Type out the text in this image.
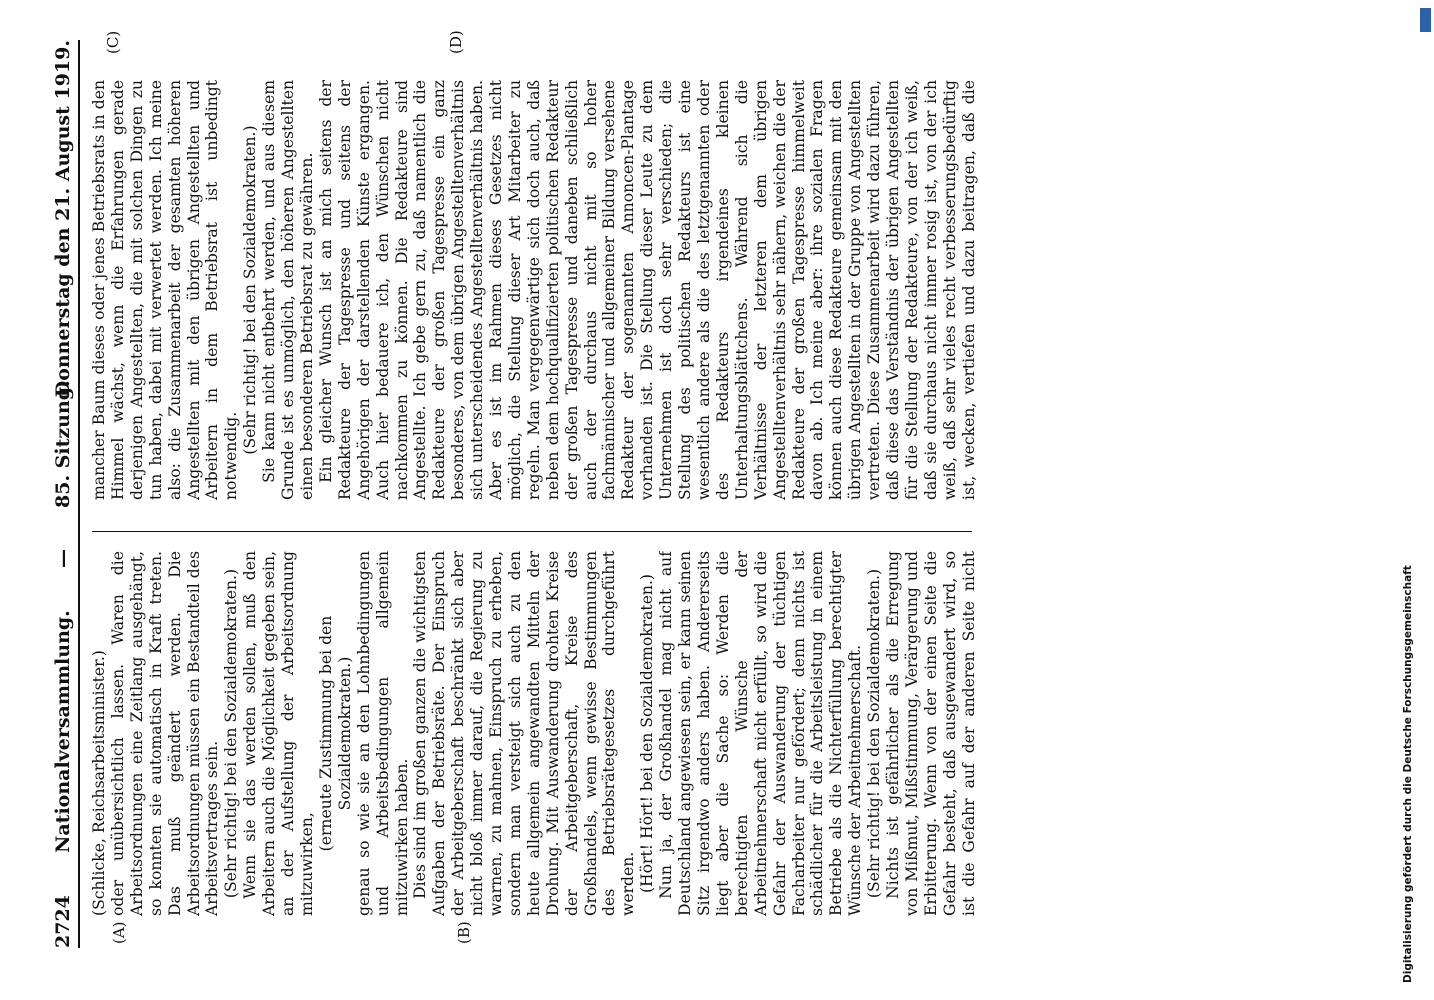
2724
Nationalversammlung.
—
85. Sitzung.
Donnerstag den 21. August 1919.
(A)	(B)
(C)	(D)

(Schlicke, Reichsarbeitsminister.) oder unübersichtlich lassen. Waren die Arbeitsordnungen eine Zeitlang ausgehängt, so konnten sie automatisch in Kraft treten. Das muß geändert werden. Die Arbeitsordnungen müssen ein Bestandteil des Arbeitsvertrages sein. (Sehr richtig! bei den Sozialdemokraten.) Wenn sie das werden sollen, muß den Arbeitern auch die Möglichkeit gegeben sein, an der Aufstellung der Arbeitsordnung mitzuwirken,

(erneute Zustimmung bei den Sozialdemokraten.) genau so wie sie an den Lohnbedingungen und Arbeitsbedingungen allgemein mitzuwirken haben. Dies sind im großen ganzen die wichtigsten Aufgaben der Betriebsräte. Der Einspruch der Arbeitgeberschaft beschränkt sich aber nicht bloß immer darauf, die Regierung zu warnen, zu mahnen, Einspruch zu erheben, sondern man versteigt sich auch zu den heute allgemein angewandten Mitteln der Drohung. Mit Auswanderung drohten Kreise der Arbeitgeberschaft, Kreise des Großhandels, wenn gewisse Bestimmungen des Betriebsrätegesetzes durchgeführt werden. (Hört! Hört! bei den Sozialdemokraten.) Nun ja, der Großhandel mag nicht auf Deutschland angewiesen sein, er kann seinen Sitz irgendwo anders haben. Andererseits liegt aber die Sache so: Werden die berechtigten Wünsche der Arbeitnehmerschaft nicht erfüllt, so wird die Gefahr der Auswanderung der tüchtigen Facharbeiter nur gefördert; denn nichts ist schädlicher für die Arbeitsleistung in einem Betriebe als die Nichterfüllung berechtigter Wünsche der Arbeitnehmerschaft. (Sehr richtig! bei den Sozialdemokraten.) Nichts ist gefährlicher als die Erregung von Mißmut, Mißstimmung, Verärgerung und Erbitterung. Wenn von der einen Seite die Gefahr besteht, daß ausgewandert wird, so ist die Gefahr auf der anderen Seite nicht

mancher Baum dieses oder jenes Betriebsrats in den Himmel wächst, wenn die Erfahrungen gerade derjenigen Angestellten, die mit solchen Dingen zu tun haben, dabei mit verwertet werden. Ich meine also: die Zusammenarbeit der gesamten höheren Angestellten mit den übrigen Angestellten und Arbeitern in dem Betriebsrat ist unbedingt notwendig.

(Sehr richtig! bei den Sozialdemokraten.) Sie kann nicht entbehrt werden, und aus diesem Grunde ist es unmöglich, den höheren Angestellten einen besonderen Betriebsrat zu gewähren. Ein gleicher Wunsch ist an mich seitens der Redakteure der Tagespresse und seitens der Angehörigen der darstellenden Künste ergangen. Auch hier bedauere ich, den Wünschen nicht nachkommen zu können. Die Redakteure sind Angestellte. Ich gebe gern zu, daß namentlich die Redakteure der großen Tagespresse ein ganz besonderes, von dem übrigen Angestelltenverhältnis sich unterscheidendes Angestelltenverhältnis haben. Aber es ist im Rahmen dieses Gesetzes nicht möglich, die Stellung dieser Art Mitarbeiter zu regeln. Man vergegenwärtige sich doch auch, daß neben dem hochqualifizierten politischen Redakteur der großen Tagespresse und daneben schließlich auch der durchaus nicht mit so hoher fachmännischer und allgemeiner Bildung versehene Redakteur der sogenannten Annoncen-Plantage vorhanden ist. Die Stellung dieser Leute zu dem Unternehmen ist doch sehr verschieden; die Stellung des politischen Redakteurs ist eine wesentlich andere als die des letztgenannten oder des Redakteurs irgendeines kleinen Unterhaltungsblättchens. Während sich die Verhältnisse der letzteren dem übrigen Angestelltenverhältnis sehr nähern, weichen die der Redakteure der großen Tagespresse himmelweit davon ab. Ich meine aber: ihre sozialen Fragen können auch diese Redakteure gemeinsam mit den übrigen Angestellten in der Gruppe von Angestellten vertreten. Diese Zusammenarbeit wird dazu führen, daß diese das Verständnis der übrigen Angestellten für die Stellung der Redakteure, von der ich weiß, daß sie durchaus nicht immer rosig ist, von der ich weiß, daß sehr vieles recht verbesserungsbedürftig ist, wecken, vertiefen und dazu beitragen, daß die

Digitalisierung gefördert durch die Deutsche Forschungsgemeinschaft
